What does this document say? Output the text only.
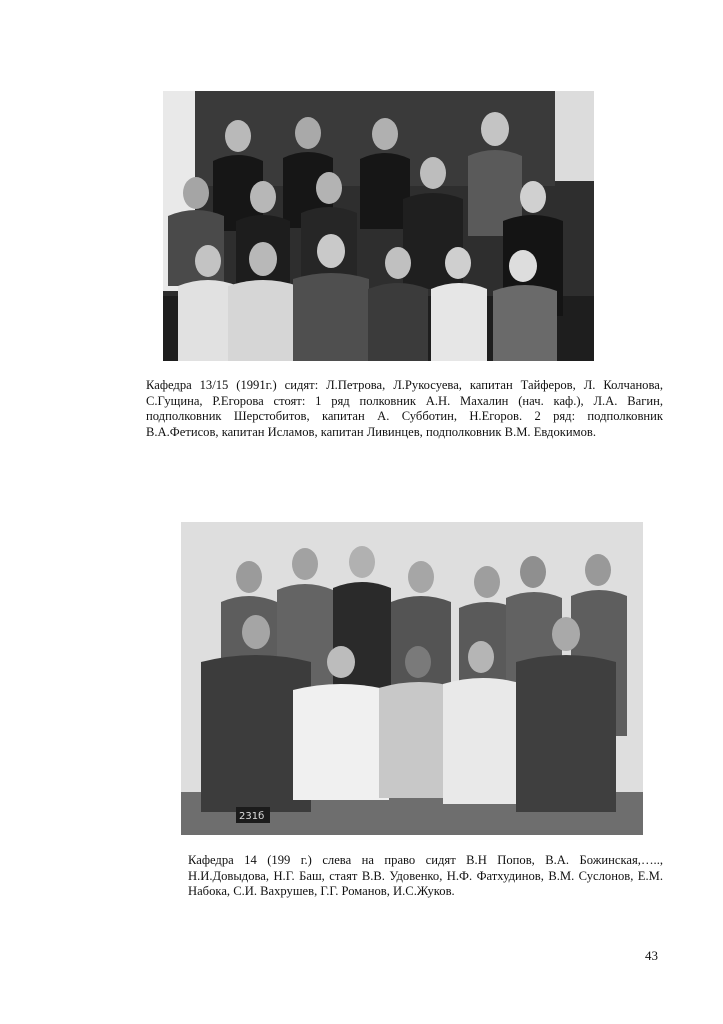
Кафедра 13/15 (1991г.) сидят: Л.Петрова, Л.Рукосуева, капитан Тайферов, Л. Колчанова, С.Гущина, Р.Егорова стоят: 1 ряд полковник А.Н. Махалин (нач. каф.), Л.А. Вагин, подполковник Шерстобитов, капитан А. Субботин, Н.Егоров. 2 ряд: подполковник В.А.Фетисов, капитан Исламов, капитан Ливинцев, подполковник В.М. Евдокимов.

231б

Кафедра 14 (199 г.) слева на право сидят В.Н Попов, В.А. Божинская,….., Н.И.Довыдова, Н.Г. Баш, стаят В.В. Удовенко, Н.Ф. Фатхудинов, В.М. Суслонов, Е.М. Набока, С.И. Вахрушев, Г.Г. Романов, И.С.Жуков.

43
